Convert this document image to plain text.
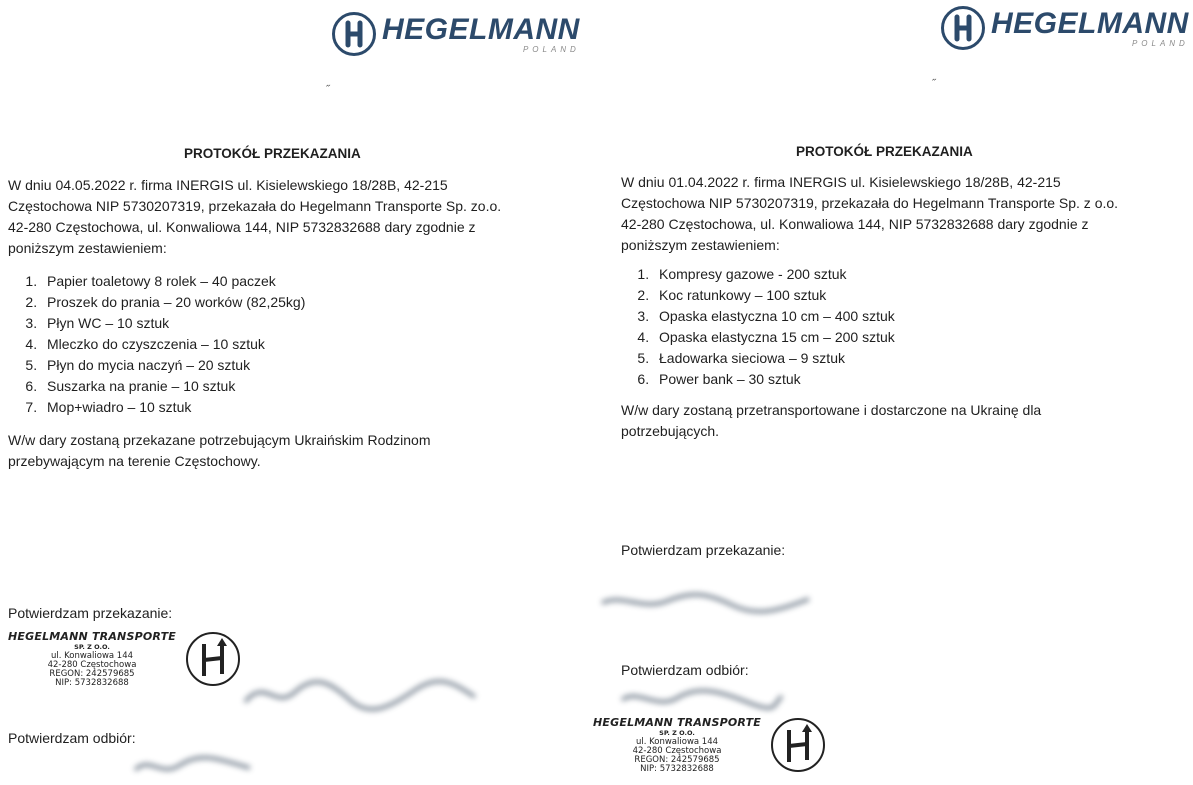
HEGELMANN
POLAND
˝
PROTOKÓŁ PRZEKAZANIA

W dniu 04.05.2022 r. firma INERGIS ul. Kisielewskiego 18/28B, 42-215
Częstochowa NIP 5730207319, przekazała do Hegelmann Transporte Sp. zo.o.
42-280 Częstochowa, ul. Konwaliowa 144, NIP 5732832688 dary zgodnie z
poniższym zestawieniem:

1. Papier toaletowy 8 rolek – 40 paczek
2. Proszek do prania – 20 worków (82,25kg)
3. Płyn WC – 10 sztuk
4. Mleczko do czyszczenia – 10 sztuk
5. Płyn do mycia naczyń – 20 sztuk
6. Suszarka na pranie – 10 sztuk
7. Mop+wiadro – 10 sztuk

W/w dary zostaną przekazane potrzebującym Ukraińskim Rodzinom
przebywającym na terenie Częstochowy.

Potwierdzam przekazanie:
HEGELMANN TRANSPORTE
SP. Z O.O.
ul. Konwaliowa 144
42-280 Częstochowa
REGON: 242579685
NIP: 5732832688
Potwierdzam odbiór:
HEGELMANN
POLAND
˝
PROTOKÓŁ PRZEKAZANIA

W dniu 01.04.2022 r. firma INERGIS ul. Kisielewskiego 18/28B, 42-215
Częstochowa NIP 5730207319, przekazała do Hegelmann Transporte Sp. z o.o.
42-280 Częstochowa, ul. Konwaliowa 144, NIP 5732832688 dary zgodnie z
poniższym zestawieniem:

1. Kompresy gazowe - 200 sztuk
2. Koc ratunkowy – 100 sztuk
3. Opaska elastyczna 10 cm – 400 sztuk
4. Opaska elastyczna 15 cm – 200 sztuk
5. Ładowarka sieciowa – 9 sztuk
6. Power bank – 30 sztuk

W/w dary zostaną przetransportowane i dostarczone na Ukrainę dla
potrzebujących.

Potwierdzam przekazanie:
Potwierdzam odbiór:
HEGELMANN TRANSPORTE
SP. Z O.O.
ul. Konwaliowa 144
42-280 Częstochowa
REGON: 242579685
NIP: 5732832688
